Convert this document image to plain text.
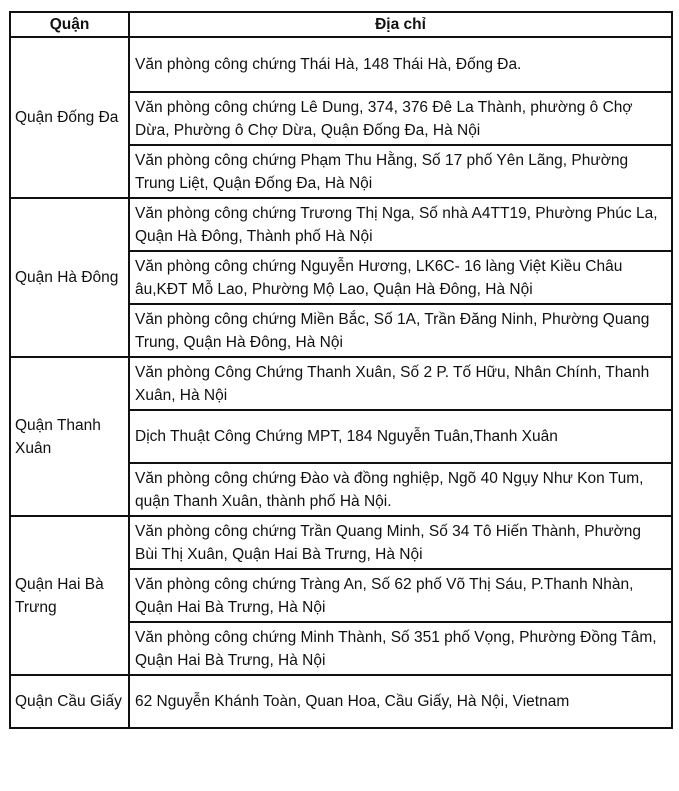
Quận	Địa chỉ
Quận Đống Đa	Văn phòng công chứng Thái Hà, 148 Thái Hà, Đống Đa.
	Văn phòng công chứng Lê Dung, 374, 376 Đê La Thành, phường ô Chợ Dừa, Phường ô Chợ Dừa, Quận Đống Đa, Hà Nội
	Văn phòng công chứng Phạm Thu Hằng, Số 17 phố Yên Lãng, Phường Trung Liệt, Quận Đống Đa, Hà Nội
Quận Hà Đông	Văn phòng công chứng Trương Thị Nga, Số nhà A4TT19, Phường Phúc La, Quận Hà Đông, Thành phố Hà Nội
	Văn phòng công chứng Nguyễn Hương, LK6C- 16 làng Việt Kiều Châu âu,KĐT Mỗ Lao, Phường Mộ Lao, Quận Hà Đông, Hà Nội
	Văn phòng công chứng Miền Bắc, Số 1A, Trần Đăng Ninh, Phường Quang Trung, Quận Hà Đông, Hà Nội
Quận Thanh Xuân	Văn phòng Công Chứng Thanh Xuân, Số 2 P. Tố Hữu, Nhân Chính, Thanh Xuân, Hà Nội
	Dịch Thuật Công Chứng MPT, 184 Nguyễn Tuân,Thanh Xuân
	Văn phòng công chứng Đào và đồng nghiệp, Ngõ 40 Ngụy Như Kon Tum, quận Thanh Xuân, thành phố Hà Nội.
Quận Hai Bà Trưng	Văn phòng công chứng Trần Quang Minh, Số 34 Tô Hiến Thành, Phường Bùi Thị Xuân, Quận Hai Bà Trưng, Hà Nội
	Văn phòng công chứng Tràng An, Số 62 phố Võ Thị Sáu, P.Thanh Nhàn, Quận Hai Bà Trưng, Hà Nội
	Văn phòng công chứng Minh Thành, Số 351 phố Vọng, Phường Đồng Tâm, Quận Hai Bà Trưng, Hà Nội
Quận Cầu Giấy	62 Nguyễn Khánh Toàn, Quan Hoa, Cầu Giấy, Hà Nội, Vietnam
